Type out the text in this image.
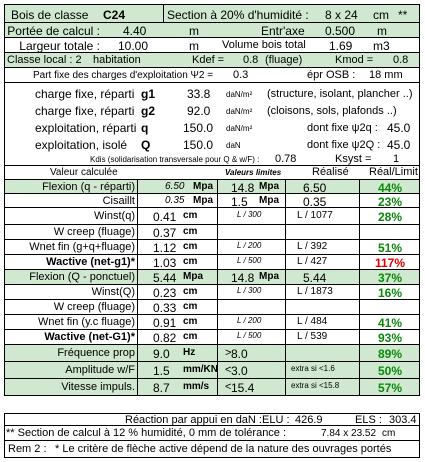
Bois de classe C24	Section à 20% d'humidité : 8 x 24 cm **
Portée de calcul : 4.40	m	Entr'axe 0.500 m
Largeur totale : 10.00	m Volume bois total 1.69 m3
Classe local : 2 habitation	Kdef = 0.8 (fluage)	Kmod = 0.8
Part fixe des charges d'exploitation Ψ2 = 0.3	épr OSB : 18 mm
charge fixe, réparti g1	33.8 daN/m² (structure, isolant, plancher ..)
charge fixe, réparti g2	92.0 daN/m² (cloisons, sols, plafonds ..)
exploitation, réparti q	150.0 daN/m²	dont fixe ψ2q : 45.0
exploitation, isolé Q	150.0 daN	dont fixe ψ2Q : 45.0
Kdis (solidarisation transversale pour Q & w/F) : 0.78	Ksyst = 1
Valeur calculée	Valeurs limites	Réalisé Réal/Limit
Flexion (q - réparti)	6.50 Mpa 14.8 Mpa 6.50	44%
Cisaillt	0.35 Mpa 1.5 Mpa 0.35	23%
Winst(q) 0.41 cm	L / 300	L / 1077	28%
W creep (fluage) 0.37 cm
Wnet fin (g+q+fluage) 1.12 cm	L / 200	L / 392	51%
Wactive (net-g1)* 1.03 cm	L / 500	L / 427	117%
Flexion (Q - ponctuel) 5.44 Mpa 14.8 Mpa 5.44	37%
Winst(Q) 0.23 cm	L / 300	L / 1873	16%
W creep (fluage) 0.33 cm
Wnet fin (y.c fluage) 0.91 cm	L / 200	L / 484	41%
Wactive (net-G1)* 0.82 cm	L / 500	L / 539	93%
Fréquence prop 9.0 Hz	> 8.0	89%
Amplitude w/F 1.5 mm/KN < 3.0	extra si <1.6	50%
Vitesse impuls. 8.7 mm/s < 15.4	extra si <15.8	57%
Réaction par appui en daN : ELU : 426.9	ELS : 303.4
** Section de calcul à 12 % humidité, 0 mm de tolérance :	7.84 x 23.52 cm
Rem 2 : * Le critère de flèche active dépend de la nature des ouvrages portés
